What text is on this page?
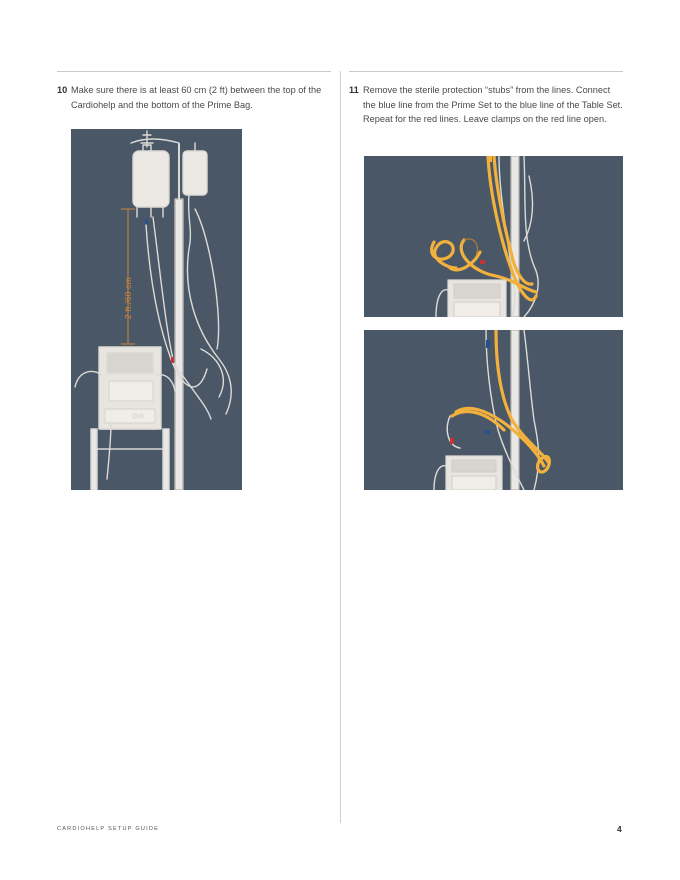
10 Make sure there is at least 60 cm (2 ft) between the top of the Cardiohelp and the bottom of the Prime Bag.
2 ft./60 cm
11 Remove the sterile protection “stubs” from the lines. Connect the blue line from the Prime Set to the blue line of the Table Set. Repeat for the red lines. Leave clamps on the red line open.
CARDIOHELP SETUP GUIDE	4
